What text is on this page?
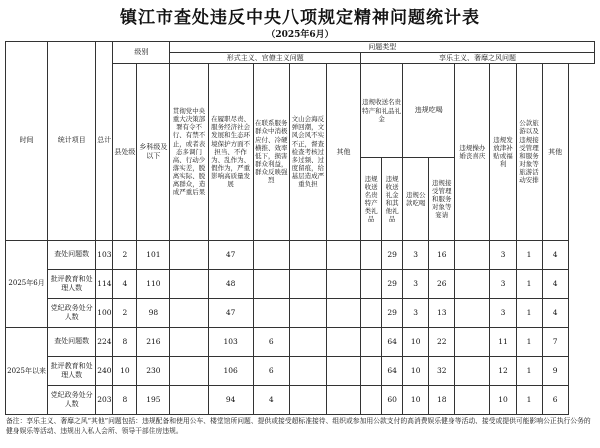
镇江市查处违反中央八项规定精神问题统计表
（2025年6月）
时间	统计项目	总计	级别		问题类型												
					形式主义、官僚主义问题					享乐主义、奢靡之风问题							
			县处级	乡科级及以下	贯彻党中央重大决策部署有令不行、有禁不止，或者表态多调门高、行动少落实差，脱离实际、脱离群众，造成严重后果	在履职尽责、服务经济社会发展和生态环境保护方面不担当、不作为、乱作为、假作为，严重影响高质量发展	在联系服务群众中消极应付、冷硬横推、效率低下，损害群众利益，群众反映强烈	文山会海反弹回潮，文风会风不实不正，督查检查考核过多过频、过度留痕，给基层造成严重负担	其他	违规收送名贵特产和礼品礼金		违规吃喝		违规操办婚丧喜庆	违规发放津补贴或福利	公款旅游以及违规接受管理和服务对象等旅游活动安排	其他
										违规收送名贵特产类礼品	违规收送礼金和其他礼品	违规公款吃喝	违规接受管理和服务对象等宴请				
2025年6月	查处问题数	103	2	101		47					29	3	16		3	1	4
	批评教育和处理人数	114	4	110		48					29	3	26		3	1	4
	党纪政务处分人数	100	2	98		47					29	3	13		3	1	4
2025年以来	查处问题数	224	8	216		103	6				64	10	22		11	1	7
	批评教育和处理人数	240	10	230		106	6				64	10	32		12	1	9
	党纪政务处分人数	203	8	195		94	4				60	10	18		10	1	6
备注：享乐主义、奢靡之风“其他”问题包括：违规配备和使用公车、楼堂馆所问题、提供或接受超标准接待、组织或参加用公款支付的高消费娱乐健身等活动、接受或提供可能影响公正执行公务的健身娱乐等活动、违规出入私人会所、领导干部住房违规。
